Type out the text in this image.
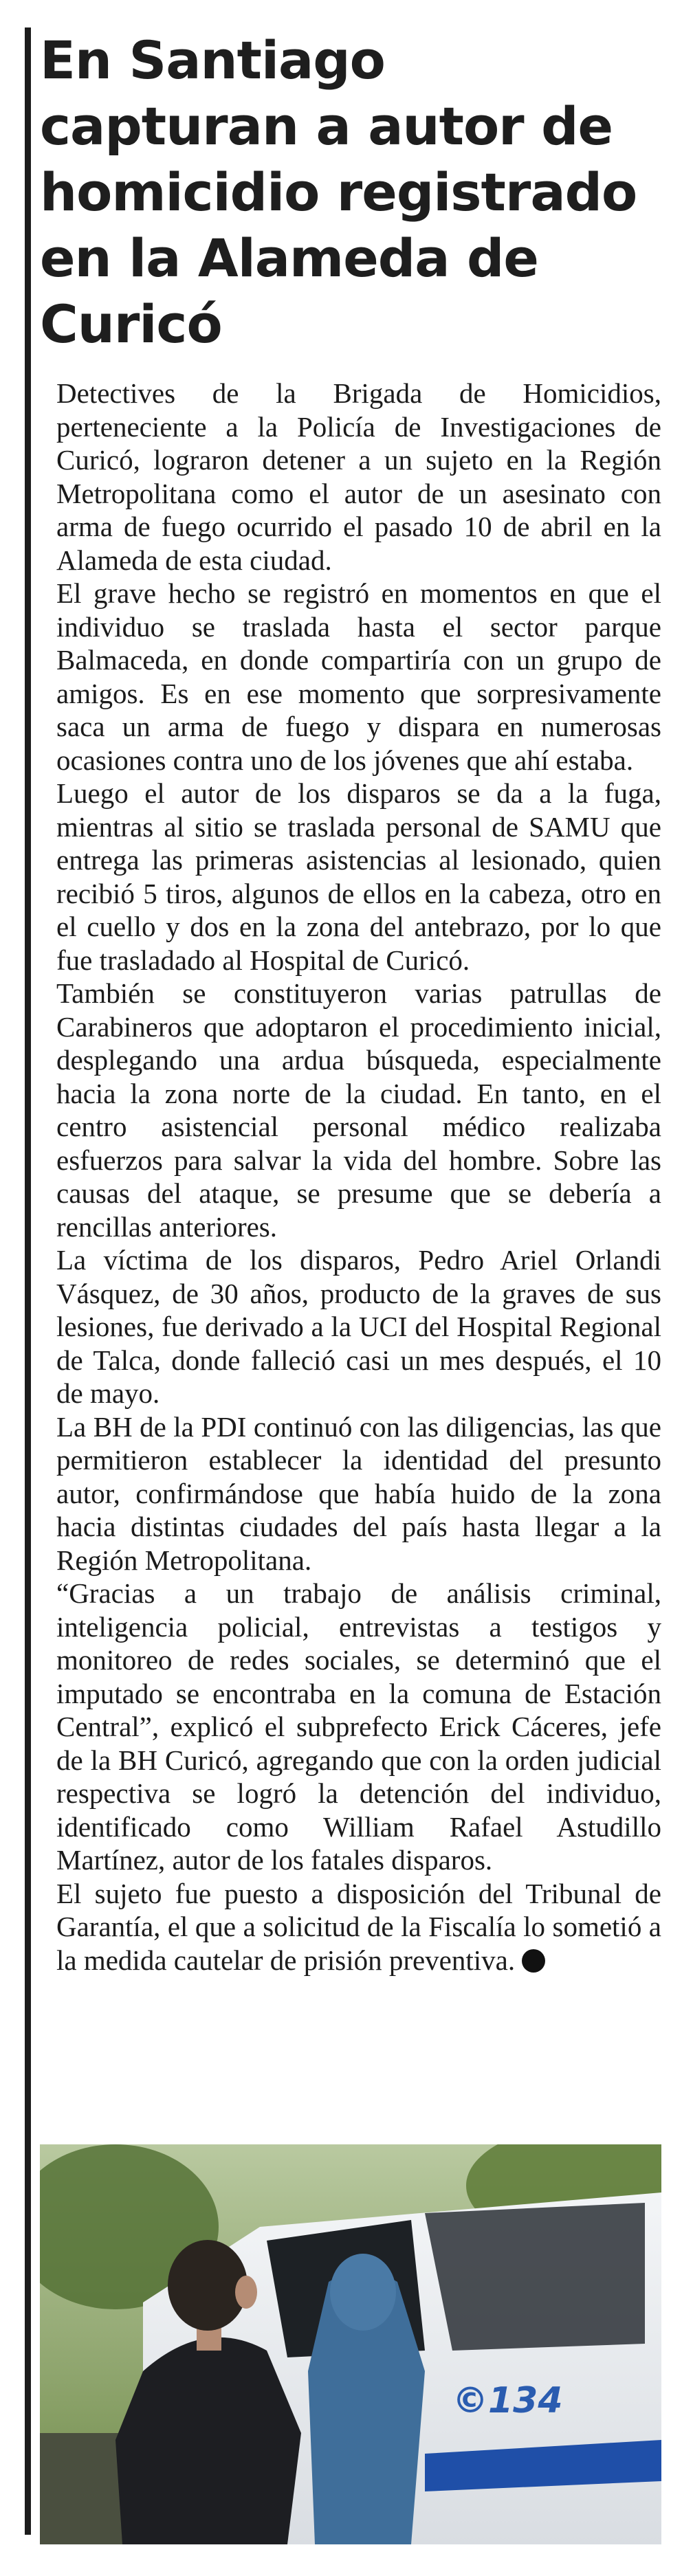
En Santiago capturan a autor de homicidio registrado en la Alameda de Curicó

Detectives de la Brigada de Homicidios, perteneciente a la Policía de Investigaciones de Curicó, lograron detener a un sujeto en la Región Metropolitana como el autor de un asesinato con arma de fuego ocurrido el pasado 10 de abril en la Alameda de esta ciudad.

El grave hecho se registró en momentos en que el individuo se traslada hasta el sector parque Balmaceda, en donde compartiría con un grupo de amigos. Es en ese momento que sorpresivamente saca un arma de fuego y dispara en numerosas ocasiones contra uno de los jóvenes que ahí estaba.

Luego el autor de los disparos se da a la fuga, mientras al sitio se traslada personal de SAMU que entrega las primeras asistencias al lesionado, quien recibió 5 tiros, algunos de ellos en la cabeza, otro en el cuello y dos en la zona del antebrazo, por lo que fue trasladado al Hospital de Curicó.

También se constituyeron varias patrullas de Carabineros que adoptaron el procedimiento inicial, desplegando una ardua búsqueda, especialmente hacia la zona norte de la ciudad. En tanto, en el centro asistencial personal médico realizaba esfuerzos para salvar la vida del hombre. Sobre las causas del ataque, se presume que se debería a rencillas anteriores.

La víctima de los disparos, Pedro Ariel Orlandi Vásquez, de 30 años, producto de la graves de sus lesiones, fue derivado a la UCI del Hospital Regional de Talca, donde falleció casi un mes después, el 10 de mayo.

La BH de la PDI continuó con las diligencias, las que permitieron establecer la identidad del presunto autor, confirmándose que había huido de la zona hacia distintas ciudades del país hasta llegar a la Región Metropolitana.

“Gracias a un trabajo de análisis criminal, inteligencia policial, entrevistas a testigos y monitoreo de redes sociales, se determinó que el imputado se encontraba en la comuna de Estación Central”, explicó el subprefecto Erick Cáceres, jefe de la BH Curicó, agregando que con la orden judicial respectiva se logró la detención del individuo, identificado como William Rafael Astudillo Martínez, autor de los fatales disparos.

El sujeto fue puesto a disposición del Tribunal de Garantía, el que a solicitud de la Fiscalía lo sometió a la medida cautelar de prisión preventiva.

©134
